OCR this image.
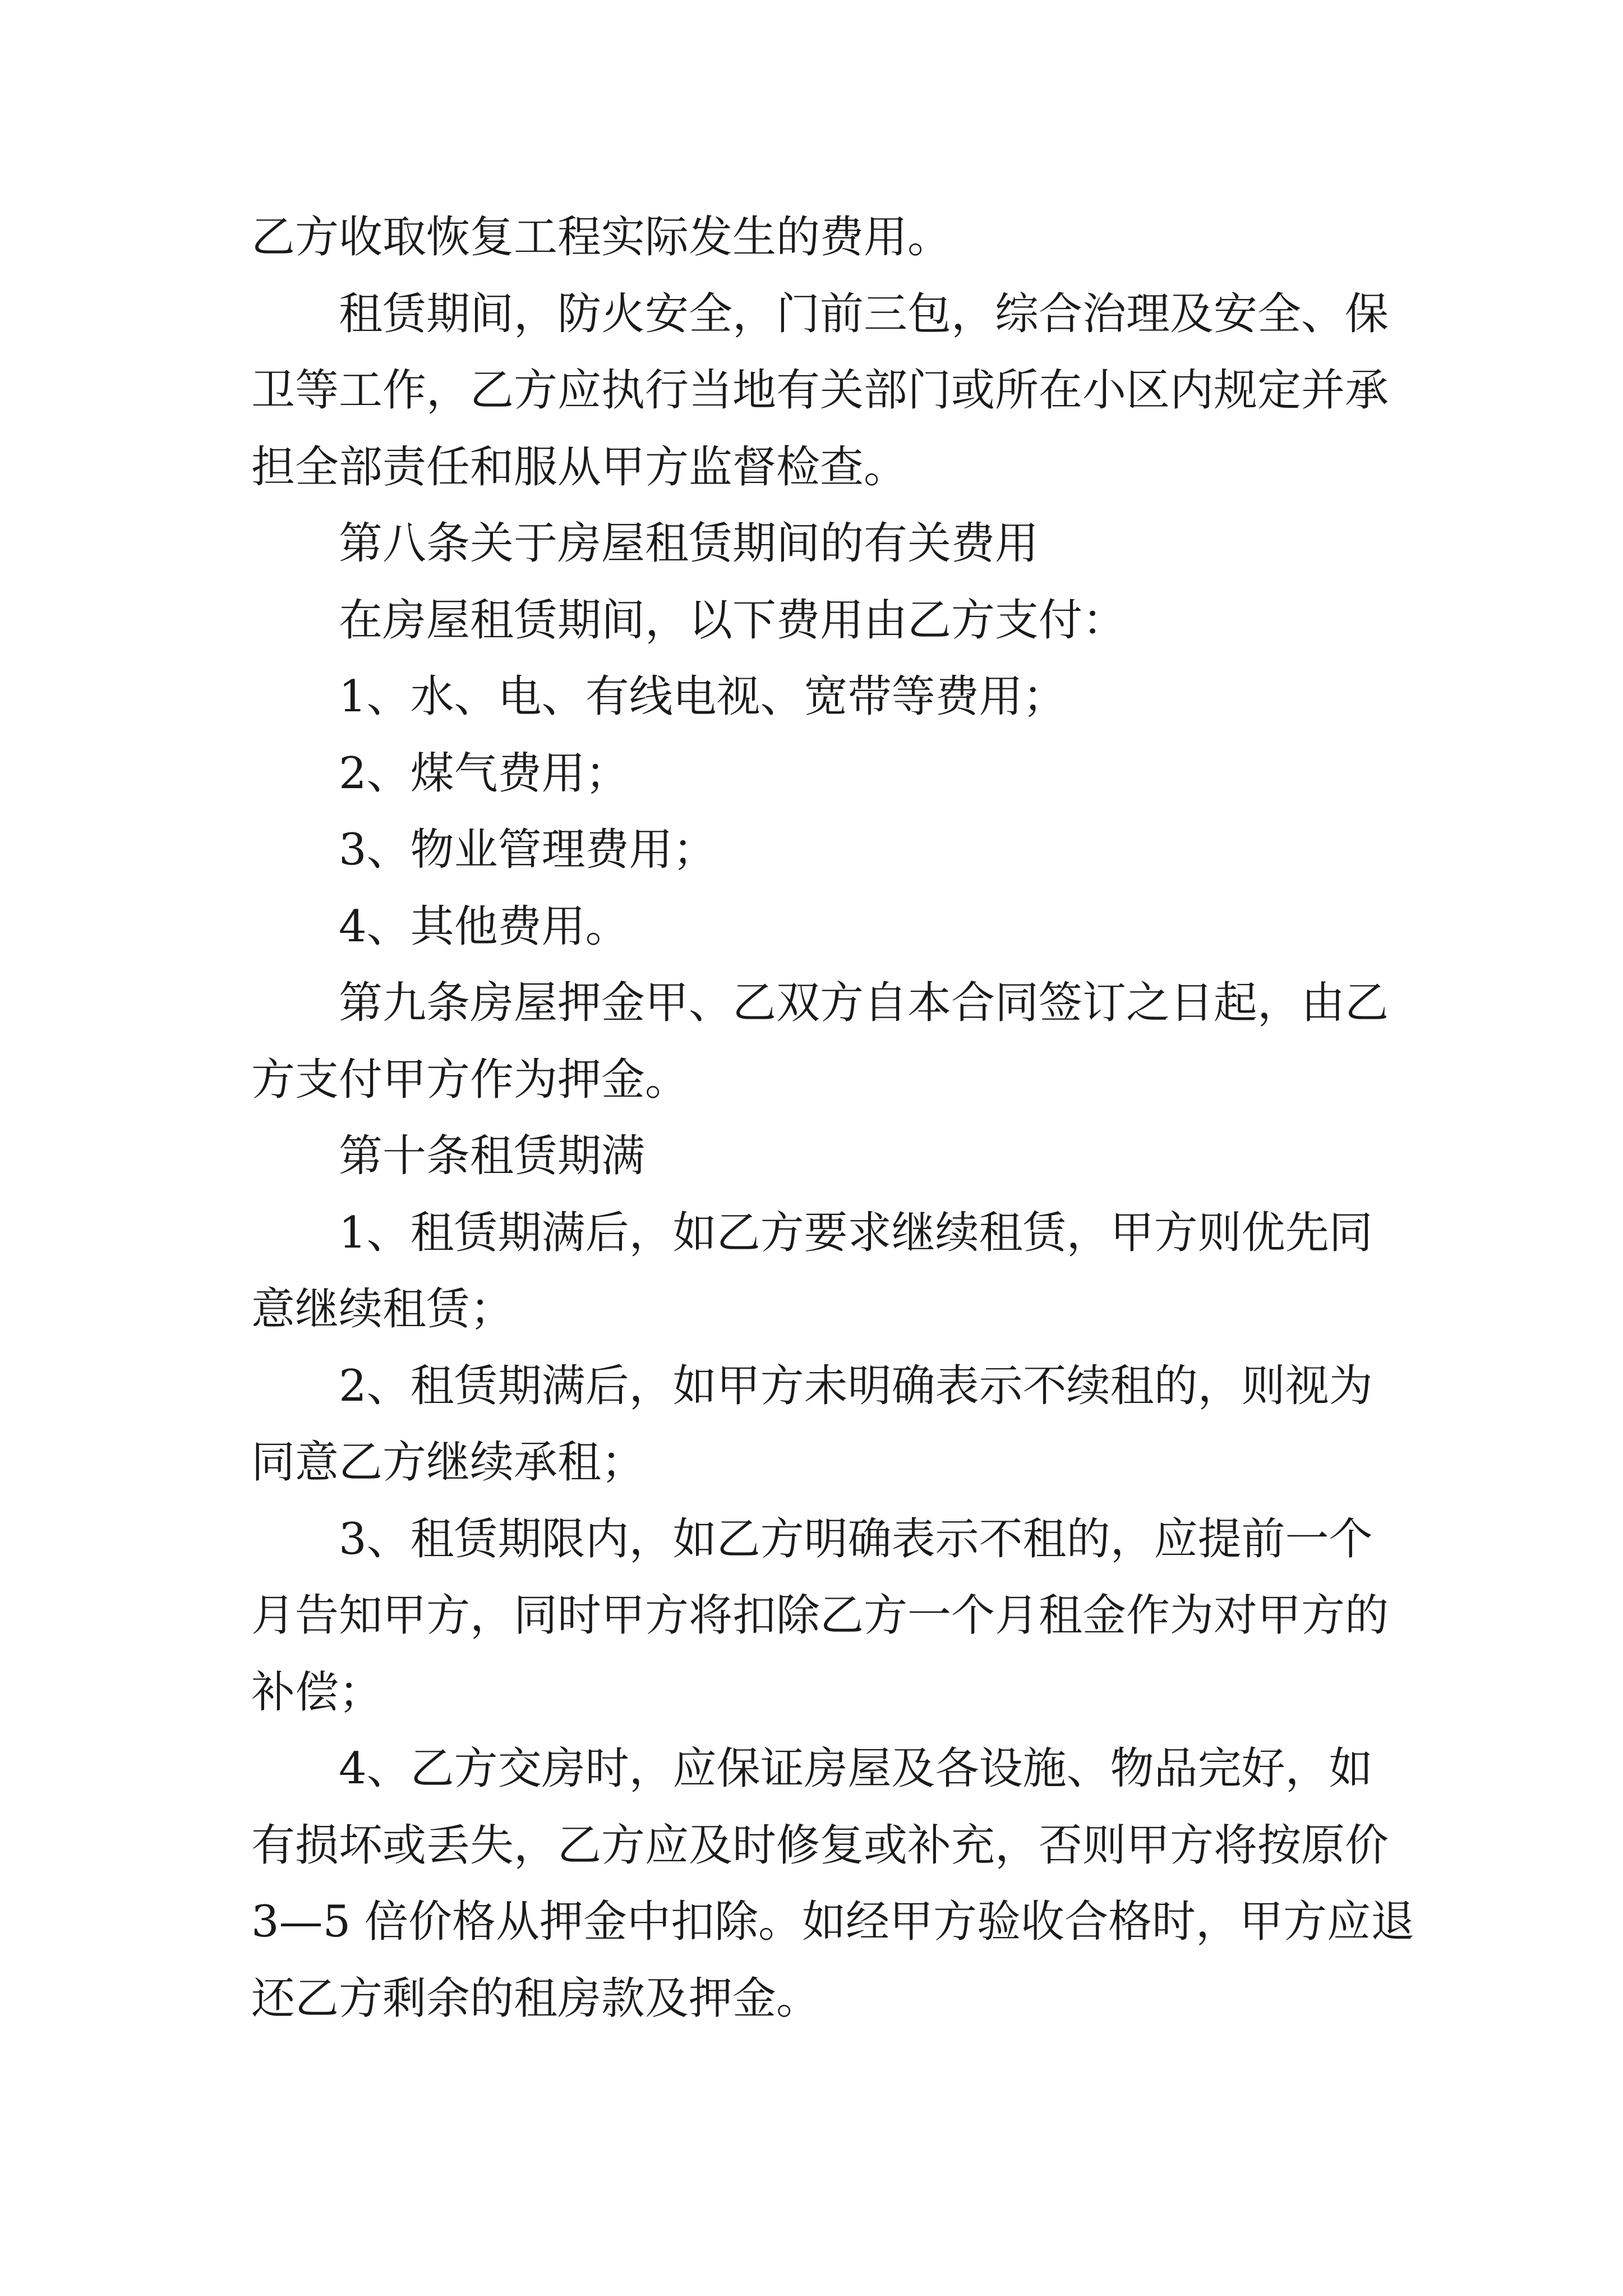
乙方收取恢复工程实际发生的费用。

租赁期间，防火安全，门前三包，综合治理及安全、保

卫等工作，乙方应执行当地有关部门或所在小区内规定并承

担全部责任和服从甲方监督检查。

第八条关于房屋租赁期间的有关费用

在房屋租赁期间，以下费用由乙方支付：

1、水、电、有线电视、宽带等费用；

2、煤气费用；

3、物业管理费用；

4、其他费用。

第九条房屋押金甲、乙双方自本合同签订之日起，由乙

方支付甲方作为押金。

第十条租赁期满

1、租赁期满后，如乙方要求继续租赁，甲方则优先同

意继续租赁；

2、租赁期满后，如甲方未明确表示不续租的，则视为

同意乙方继续承租；

3、租赁期限内，如乙方明确表示不租的，应提前一个

月告知甲方，同时甲方将扣除乙方一个月租金作为对甲方的

补偿；

4、乙方交房时，应保证房屋及各设施、物品完好，如

有损坏或丢失，乙方应及时修复或补充，否则甲方将按原价

3—5 倍价格从押金中扣除。如经甲方验收合格时，甲方应退

还乙方剩余的租房款及押金。
